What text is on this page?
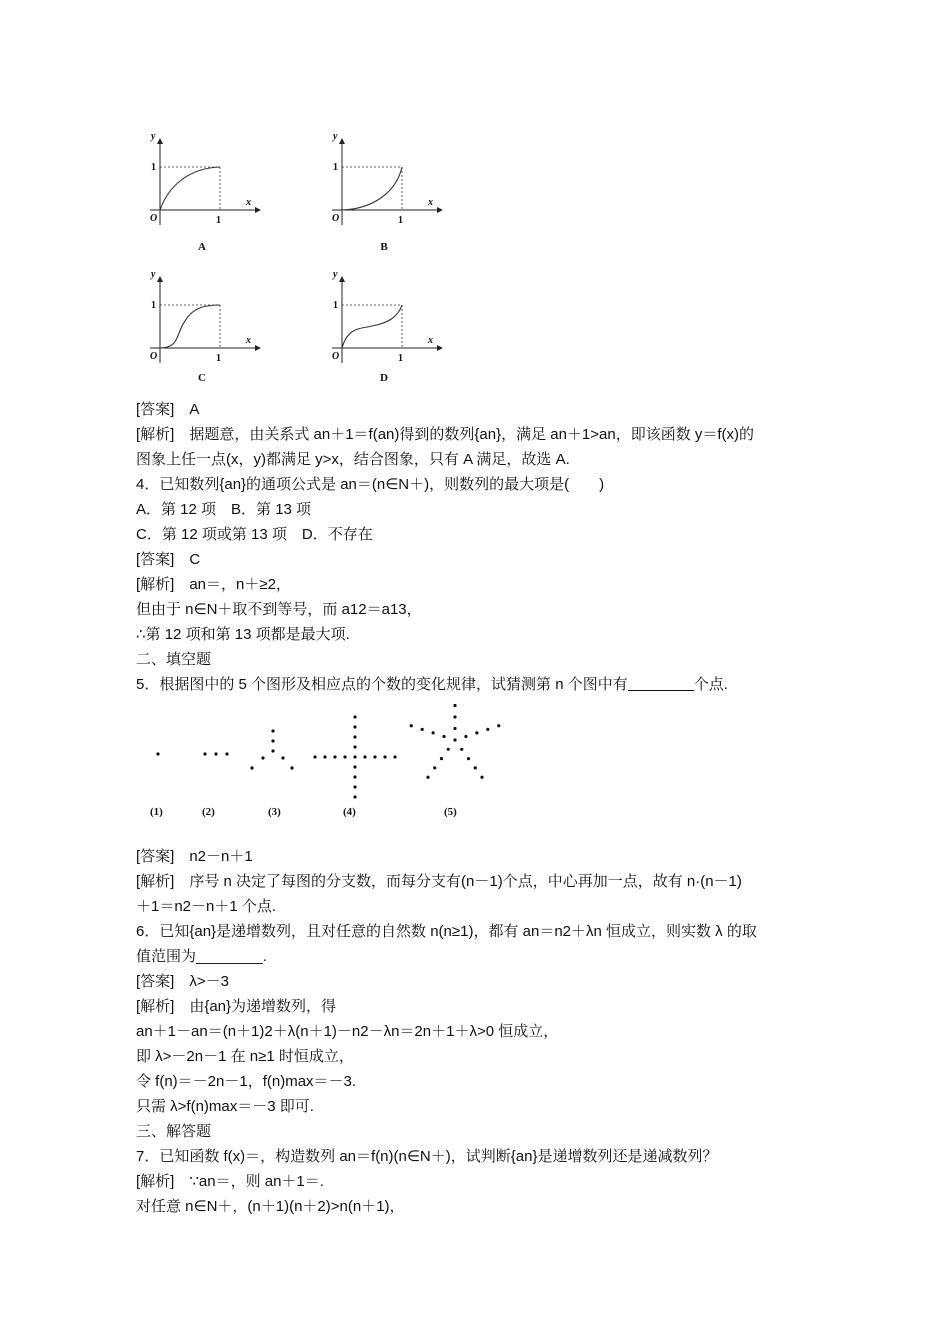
y
x
O	1
1
A
y
x
O	1
1
B
y
x
O	1
1
C
y
x
O	1
1
D
[答案]　A
[解析]　据题意，由关系式 an＋1＝f(an)得到的数列{an}，满足 an＋1>an，即该函数 y＝f(x)的
图象上任一点(x，y)都满足 y>x，结合图象，只有 A 满足，故选 A.
4．已知数列{an}的通项公式是 an＝(n∈N＋)，则数列的最大项是(　　)
A．第 12 项　B．第 13 项
C．第 12 项或第 13 项　D．不存在
[答案]　C
[解析]　an＝，n＋≥2，
但由于 n∈N＋取不到等号，而 a12＝a13，
∴第 12 项和第 13 项都是最大项.
二、填空题
5．根据图中的 5 个图形及相应点的个数的变化规律，试猜测第 n 个图中有	个点.
(1)	(2)	(3)	(4)	(5)
[答案]　n2－n＋1
[解析]　序号 n 决定了每图的分支数，而每分支有(n－1)个点，中心再加一点，故有 n·(n－1)
＋1＝n2－n＋1 个点.
6．已知{an}是递增数列，且对任意的自然数 n(n≥1)，都有 an＝n2＋λn 恒成立，则实数 λ 的取
值范围为________.
[答案]　λ>－3
[解析]　由{an}为递增数列，得
an＋1－an＝(n＋1)2＋λ(n＋1)－n2－λn＝2n＋1＋λ>0 恒成立，
即 λ>－2n－1 在 n≥1 时恒成立，
令 f(n)＝－2n－1，f(n)max＝－3.
只需 λ>f(n)max＝－3 即可.
三、解答题
7．已知函数 f(x)＝，构造数列 an＝f(n)(n∈N＋)，试判断{an}是递增数列还是递减数列？
[解析]　∵an＝，则 an＋1＝.
对任意 n∈N＋，(n＋1)(n＋2)>n(n＋1)，
